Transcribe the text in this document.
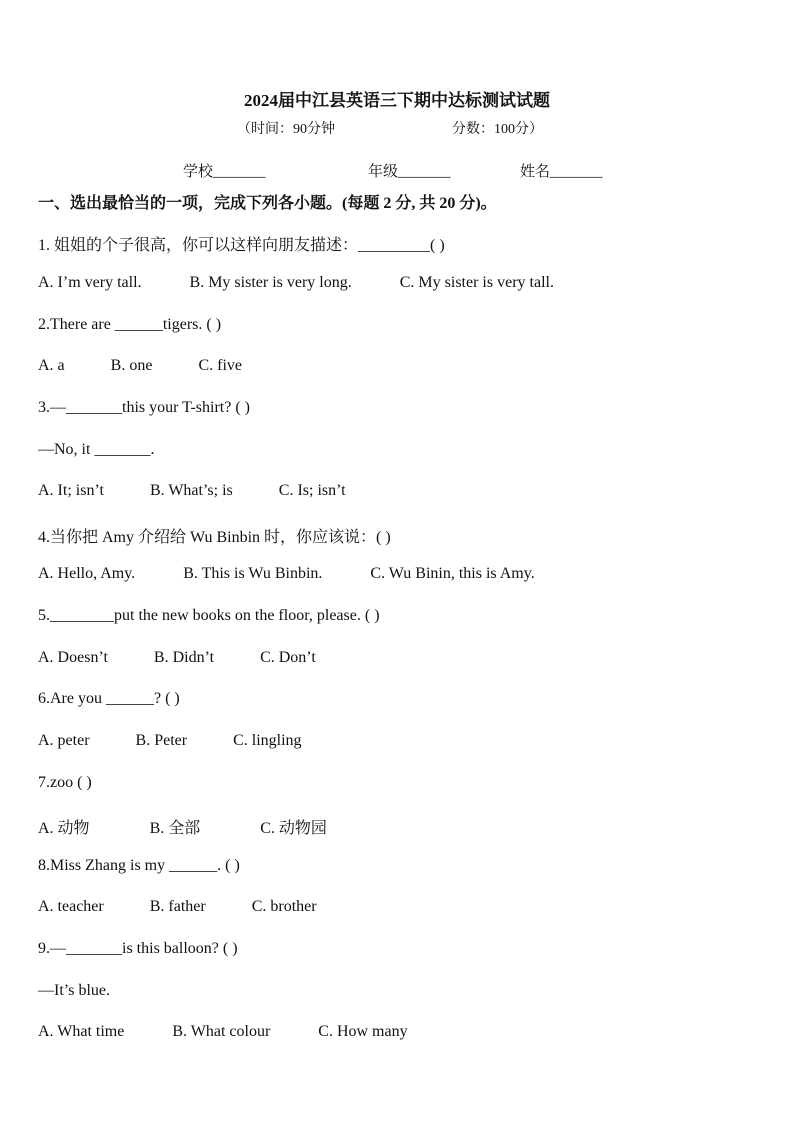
2024届中江县英语三下期中达标测试试题
（时间：90分钟	分数：100分）
学校_______	年级_______	姓名_______
一、选出最恰当的一项，完成下列各小题。(每题 2 分, 共 20 分)。
1. 姐姐的个子很高，你可以这样向朋友描述：_________( )
A. I’m very tall.	B. My sister is very long.	C. My sister is very tall.
2.There are ______tigers. ( )
A. a	B. one	C. five
3.—_______this your T-shirt? ( )
—No, it _______.
A. It; isn’t	B. What’s; is	C. Is; isn’t
4.当你把 Amy 介绍给 Wu Binbin 时，你应该说：( )
A. Hello, Amy.	B. This is Wu Binbin.	C. Wu Binin, this is Amy.
5.________put the new books on the floor, please. ( )
A. Doesn’t	B. Didn’t	C. Don’t
6.Are you ______? ( )
A. peter	B. Peter	C. lingling
7.zoo ( )
A. 动物	B. 全部	C. 动物园
8.Miss Zhang is my ______. ( )
A. teacher	B. father	C. brother
9.—_______is this balloon? ( )
—It’s blue.
A. What time	B. What colour	C. How many
